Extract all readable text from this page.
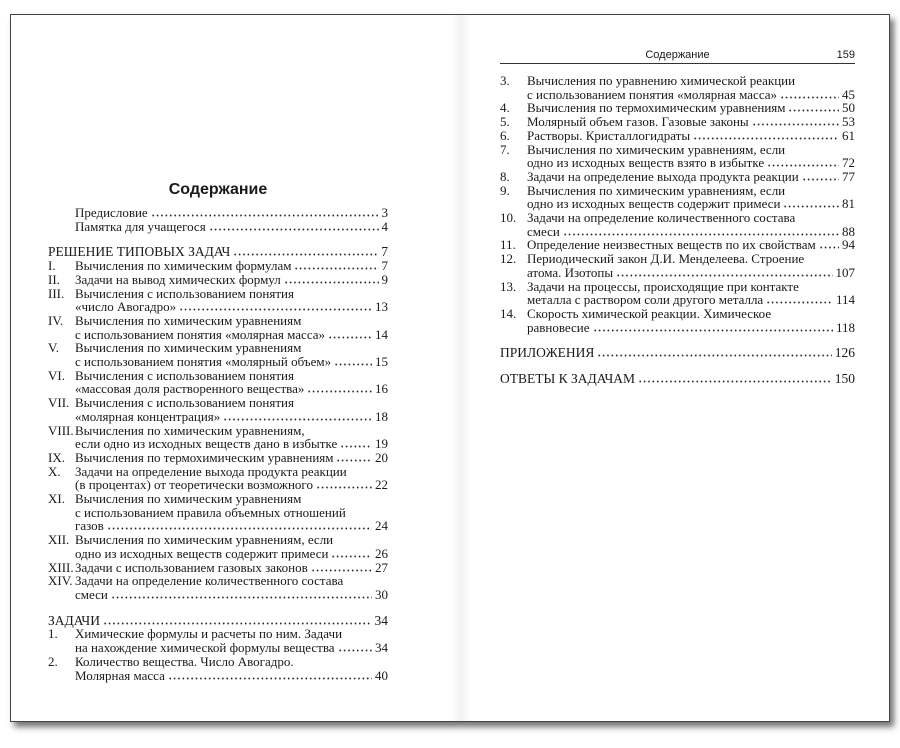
Содержание	159
Содержание
Предисловие	3
Памятка для учащегося	4
РЕШЕНИЕ ТИПОВЫХ ЗАДАЧ	7
I.	Вычисления по химическим формулам	7
II.	Задачи на вывод химических формул	9
III. Вычисления с использованием понятия
«число Авогадро»	13
IV. Вычисления по химическим уравнениям
с использованием понятия «молярная масса»	14
V.	Вычисления по химическим уравнениям
с использованием понятия «молярный объем»	15
VI. Вычисления с использованием понятия
«массовая доля растворенного вещества»	16
VII. Вычисления с использованием понятия
«молярная концентрация»	18
VIII. Вычисления по химическим уравнениям,
если одно из исходных веществ дано в избытке	19
IX. Вычисления по термохимическим уравнениям	20
X.	Задачи на определение выхода продукта реакции
(в процентах) от теоретически возможного	22
XI. Вычисления по химическим уравнениям
с использованием правила объемных отношений
газов	24
XII. Вычисления по химическим уравнениям, если
одно из исходных веществ содержит примеси	26
XIII. Задачи с использованием газовых законов	27
XIV. Задачи на определение количественного состава
смеси	30
ЗАДАЧИ	34
1.	Химические формулы и расчеты по ним. Задачи
на нахождение химической формулы вещества	34
2.	Количество вещества. Число Авогадро.
Молярная масса	40
3.	Вычисления по уравнению химической реакции
с использованием понятия «молярная масса»	45
4.	Вычисления по термохимическим уравнениям	50
5.	Молярный объем газов. Газовые законы	53
6.	Растворы. Кристаллогидраты	61
7.	Вычисления по химическим уравнениям, если
одно из исходных веществ взято в избытке	72
8.	Задачи на определение выхода продукта реакции	77
9.	Вычисления по химическим уравнениям, если
одно из исходных веществ содержит примеси	81
10. Задачи на определение количественного состава
смеси	88
11. Определение неизвестных веществ по их свойствам 94
12. Периодический закон Д.И. Менделеева. Строение
атома. Изотопы	107
13. Задачи на процессы, происходящие при контакте
металла с раствором соли другого металла	114
14. Скорость химической реакции. Химическое
равновесие	118
ПРИЛОЖЕНИЯ	126
ОТВЕТЫ К ЗАДАЧАМ	150
